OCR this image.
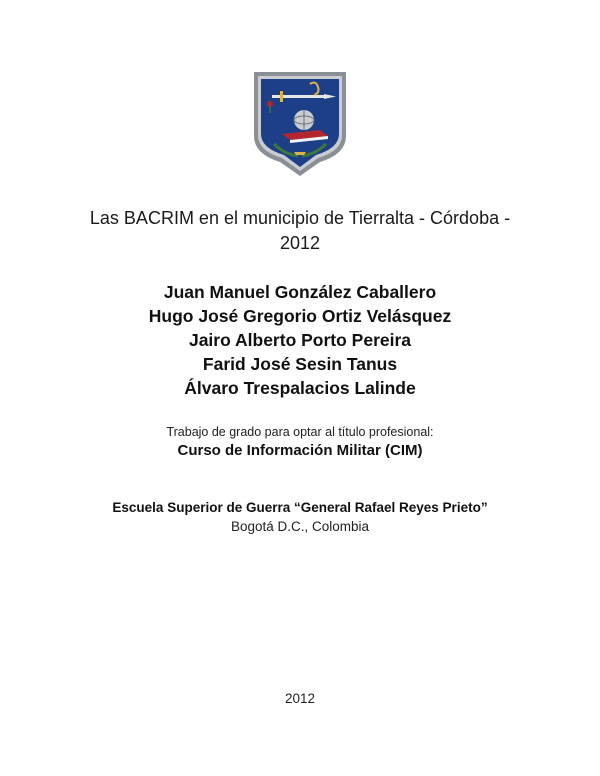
Las BACRIM en el municipio de Tierralta - Córdoba -
2012
Juan Manuel González Caballero
Hugo José Gregorio Ortiz Velásquez
Jairo Alberto Porto Pereira
Farid José Sesin Tanus
Álvaro Trespalacios Lalinde
Trabajo de grado para optar al título profesional:
Curso de Información Militar (CIM)
Escuela Superior de Guerra “General Rafael Reyes Prieto”
Bogotá D.C., Colombia
2012
